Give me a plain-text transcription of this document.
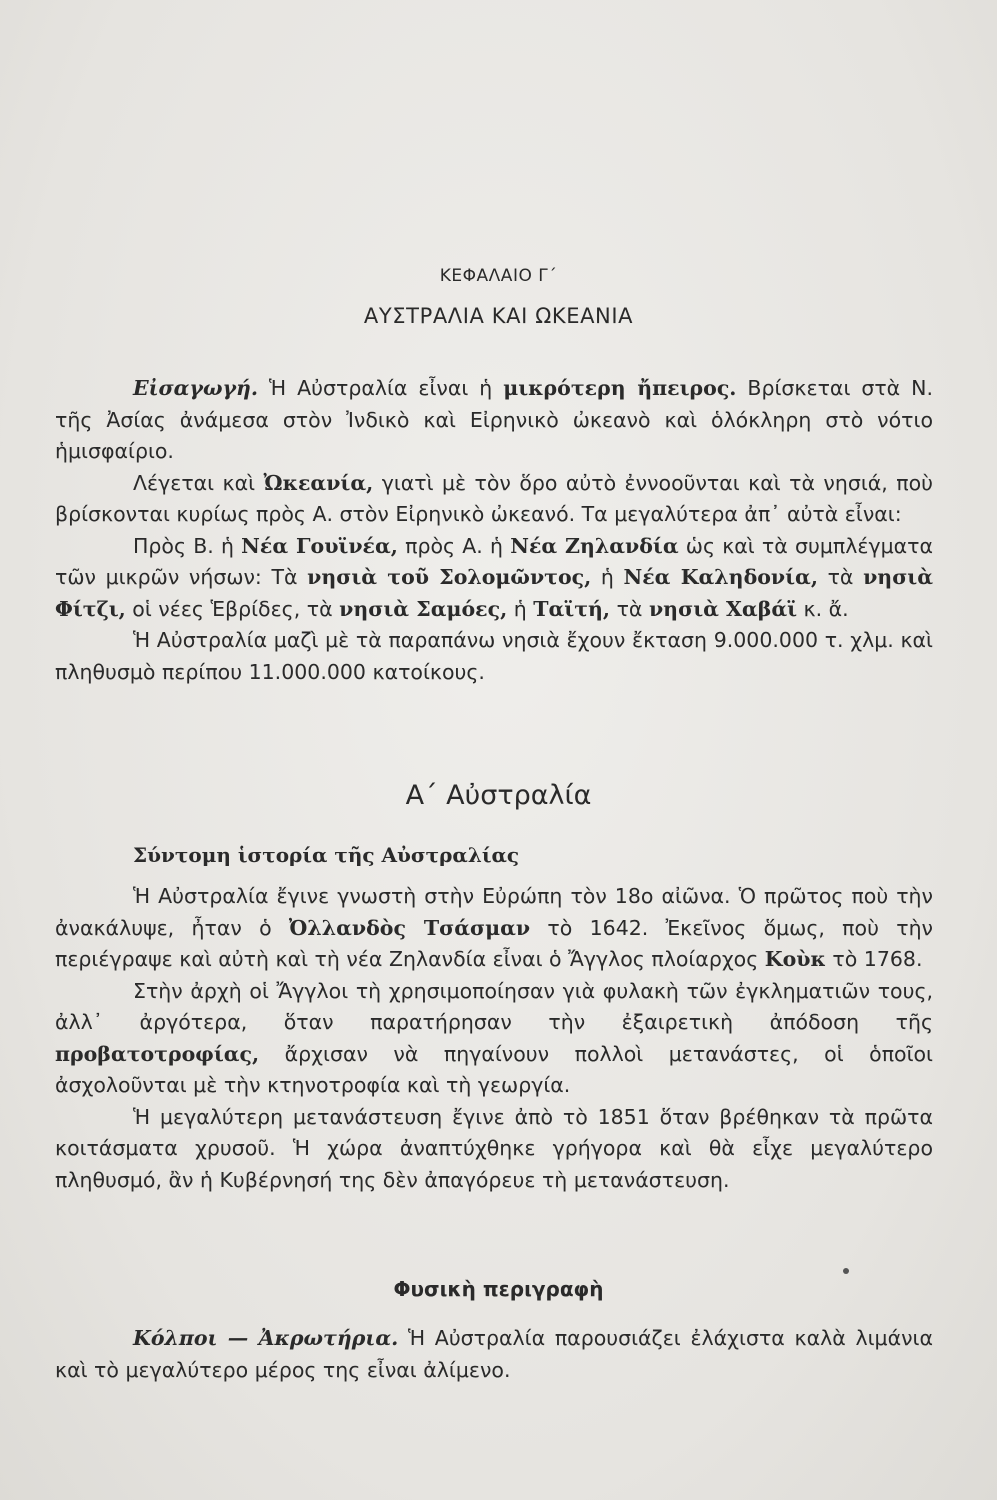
ΚΕΦΑΛΑΙΟ Γ΄
ΑΥΣΤΡΑΛΙΑ ΚΑΙ ΩΚΕΑΝΙΑ

Εἰσαγωγή. Ἡ Αὐστραλία εἶναι ἡ μικρότερη ἤπειρος. Βρίσκεται στὰ Ν. τῆς Ἀσίας ἀνάμεσα στὸν Ἰνδικὸ καὶ Εἰρηνικὸ ὠκεανὸ καὶ ὁλόκληρη στὸ νότιο ἡμισφαίριο.

Λέγεται καὶ Ὠκεανία, γιατὶ μὲ τὸν ὅρο αὐτὸ ἐννοοῦνται καὶ τὰ νησιά, ποὺ βρίσκονται κυρίως πρὸς Α. στὸν Εἰρηνικὸ ὠκεανό. Τα μεγαλύτερα ἀπ᾽ αὐτὰ εἶναι:

Πρὸς Β. ἡ Νέα Γουϊνέα, πρὸς Α. ἡ Νέα Ζηλανδία ὡς καὶ τὰ συμπλέγματα τῶν μικρῶν νήσων: Τὰ νησιὰ τοῦ Σολομῶντος, ἡ Νέα Καληδονία, τὰ νησιὰ Φίτζι, οἱ νέες Ἑβρίδες, τὰ νησιὰ Σαμόες, ἡ Ταϊτή, τὰ νησιὰ Χαβάϊ κ. ἄ.

Ἡ Αὐστραλία μαζὶ μὲ τὰ παραπάνω νησιὰ ἔχουν ἔκταση 9.000.000 τ. χλμ. καὶ πληθυσμὸ περίπου 11.000.000 κατοίκους.

Α΄ Αὐστραλία
Σύντομη ἱστορία τῆς Αὐστραλίας

Ἡ Αὐστραλία ἔγινε γνωστὴ στὴν Εὐρώπη τὸν 18ο αἰῶνα. Ὁ πρῶτος ποὺ τὴν ἀνακάλυψε, ἦταν ὁ Ὀλλανδὸς Τσάσμαν τὸ 1642. Ἐκεῖνος ὅμως, ποὺ τὴν περιέγραψε καὶ αὐτὴ καὶ τὴ νέα Ζηλανδία εἶναι ὁ Ἄγγλος πλοίαρχος Κοὺκ τὸ 1768.

Στὴν ἀρχὴ οἱ Ἄγγλοι τὴ χρησιμοποίησαν γιὰ φυλακὴ τῶν ἐγκληματιῶν τους, ἀλλ᾽ ἀργότερα, ὅταν παρατήρησαν τὴν ἐξαιρετικὴ ἀπόδοση τῆς προβατοτροφίας, ἄρχισαν νὰ πηγαίνουν πολλοὶ μετανάστες, οἱ ὁποῖοι ἀσχολοῦνται μὲ τὴν κτηνοτροφία καὶ τὴ γεωργία.

Ἡ μεγαλύτερη μετανάστευση ἔγινε ἀπὸ τὸ 1851 ὅταν βρέθηκαν τὰ πρῶτα κοιτάσματα χρυσοῦ. Ἡ χώρα ἀναπτύχθηκε γρήγορα καὶ θὰ εἶχε μεγαλύτερο πληθυσμό, ἂν ἡ Κυβέρνησή της δὲν ἀπαγόρευε τὴ μετανάστευση.

Φυσικὴ περιγραφὴ

Κόλποι — Ἀκρωτήρια. Ἡ Αὐστραλία παρουσιάζει ἐλάχιστα καλὰ λιμάνια καὶ τὸ μεγαλύτερο μέρος της εἶναι ἀλίμενο.
